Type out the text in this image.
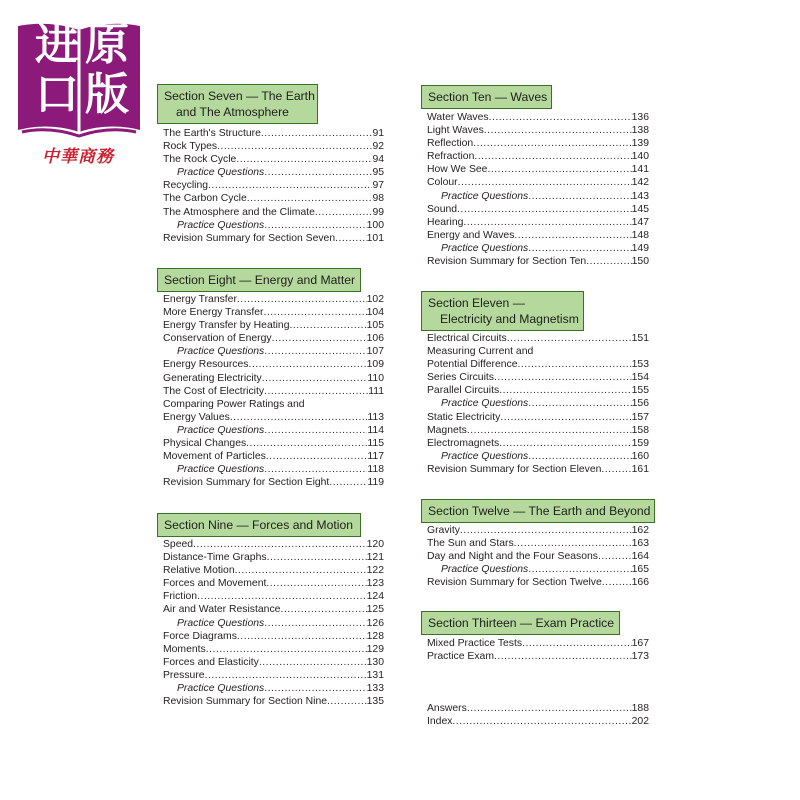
进 原
口 版
中華商務
Section Seven — The Earth
and The Atmosphere
The Earth's Structure .....	91
Rock Types .....	92
The Rock Cycle .....	94
Practice Questions .....	95
Recycling .....	97
The Carbon Cycle .....	98
The Atmosphere and the Climate .....	99
Practice Questions .....	100
Revision Summary for Section Seven .....	101
Section Eight — Energy and Matter
Energy Transfer .....	102
More Energy Transfer .....	104
Energy Transfer by Heating .....	105
Conservation of Energy .....	106
Practice Questions .....	107
Energy Resources .....	109
Generating Electricity .....	110
The Cost of Electricity .....	111
Comparing Power Ratings and
Energy Values .....	113
Practice Questions .....	114
Physical Changes .....	115
Movement of Particles .....	117
Practice Questions .....	118
Revision Summary for Section Eight .....	119
Section Nine — Forces and Motion
Speed .....	120
Distance-Time Graphs .....	121
Relative Motion .....	122
Forces and Movement .....	123
Friction .....	124
Air and Water Resistance .....	125
Practice Questions .....	126
Force Diagrams .....	128
Moments .....	129
Forces and Elasticity .....	130
Pressure .....	131
Practice Questions .....	133
Revision Summary for Section Nine .....	135
Section Ten — Waves
Water Waves .....	136
Light Waves .....	138
Reflection .....	139
Refraction .....	140
How We See .....	141
Colour .....	142
Practice Questions .....	143
Sound .....	145
Hearing .....	147
Energy and Waves .....	148
Practice Questions .....	149
Revision Summary for Section Ten .....	150
Section Eleven —
Electricity and Magnetism
Electrical Circuits .....	151
Measuring Current and
Potential Difference .....	153
Series Circuits .....	154
Parallel Circuits .....	155
Practice Questions .....	156
Static Electricity .....	157
Magnets .....	158
Electromagnets .....	159
Practice Questions .....	160
Revision Summary for Section Eleven .....	161
Section Twelve — The Earth and Beyond
Gravity .....	162
The Sun and Stars .....	163
Day and Night and the Four Seasons .....	164
Practice Questions .....	165
Revision Summary for Section Twelve .....	166
Section Thirteen — Exam Practice
Mixed Practice Tests .....	167
Practice Exam .....	173
Answers .....	188
Index .....	202
